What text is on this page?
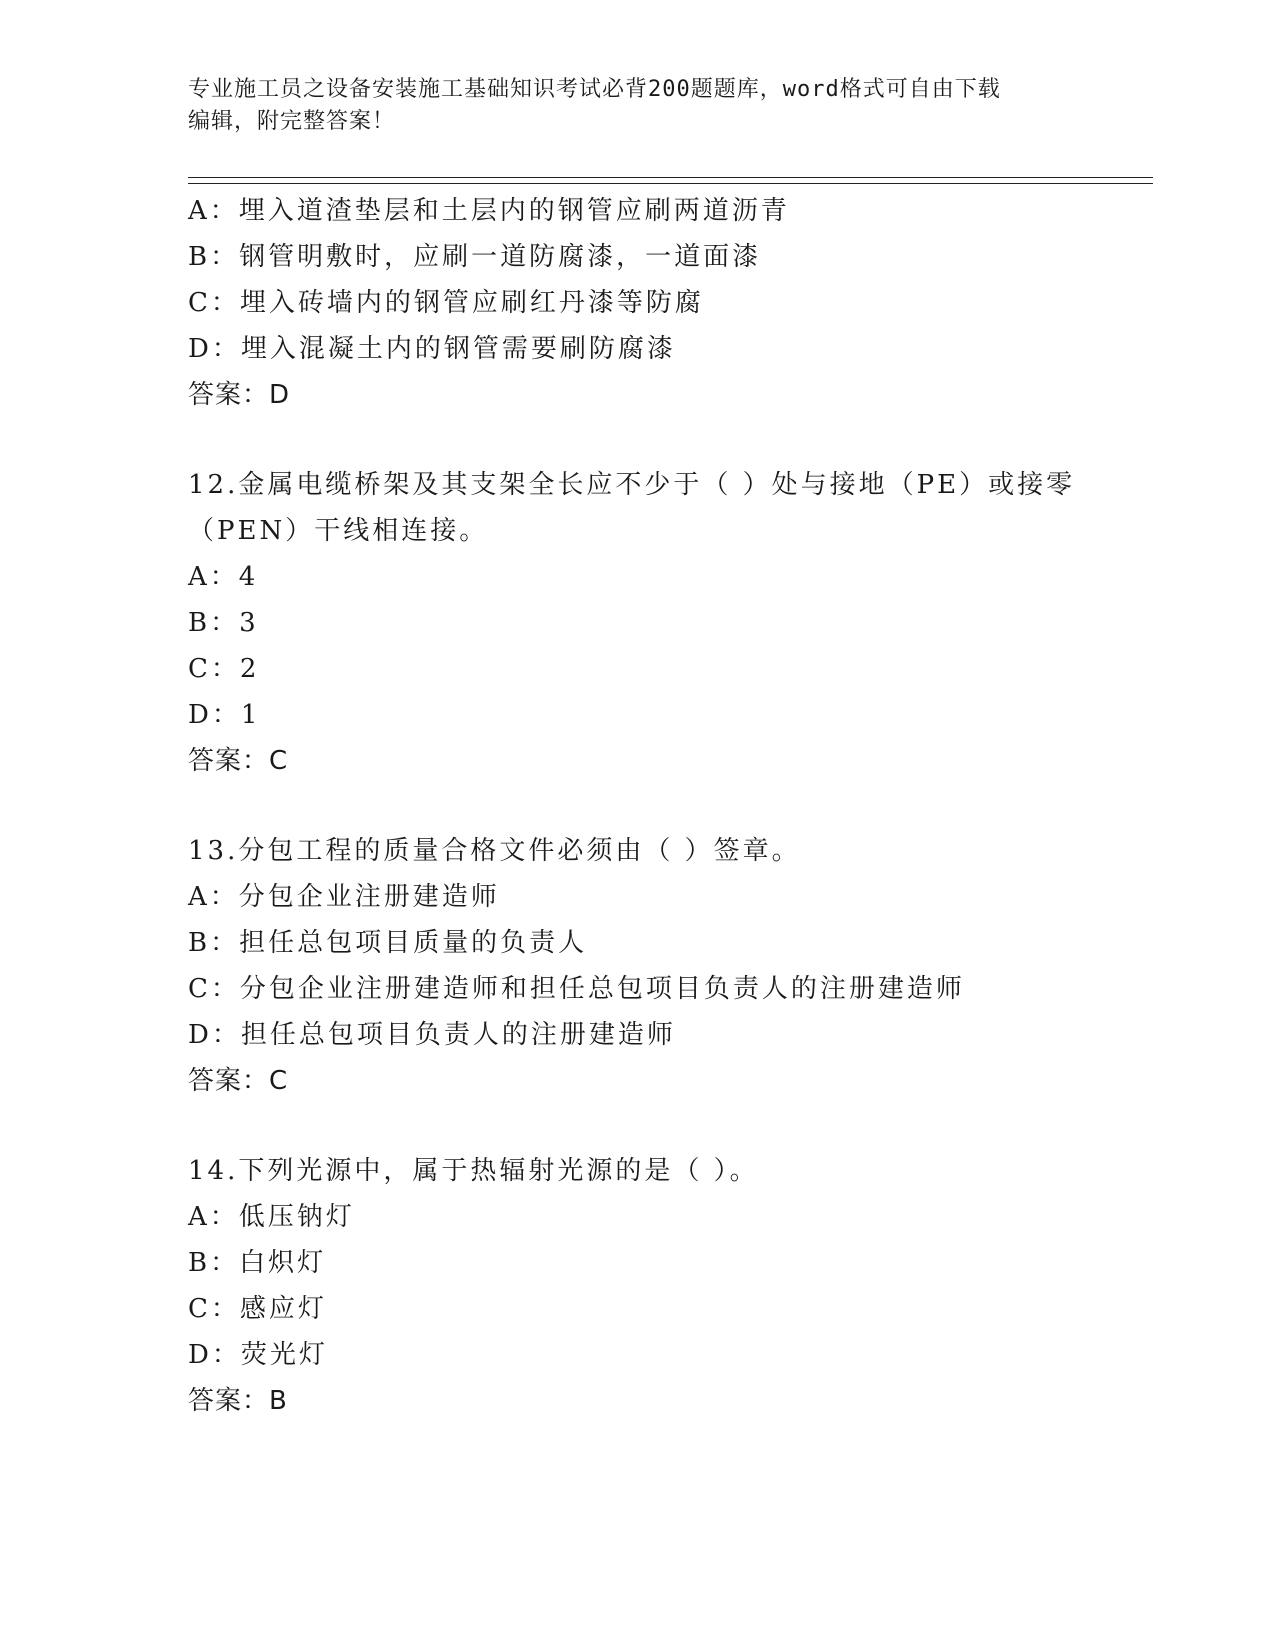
专业施工员之设备安装施工基础知识考试必背200题题库，word格式可自由下载
编辑，附完整答案！
A：埋入道渣垫层和土层内的钢管应刷两道沥青
B：钢管明敷时，应刷一道防腐漆，一道面漆
C：埋入砖墙内的钢管应刷红丹漆等防腐
D：埋入混凝土内的钢管需要刷防腐漆
答案：D
12.金属电缆桥架及其支架全长应不少于（ ）处与接地（PE）或接零
（PEN）干线相连接。
A：4
B：3
C：2
D：1
答案：C
13.分包工程的质量合格文件必须由（ ）签章。
A：分包企业注册建造师
B：担任总包项目质量的负责人
C：分包企业注册建造师和担任总包项目负责人的注册建造师
D：担任总包项目负责人的注册建造师
答案：C
14.下列光源中，属于热辐射光源的是（ ）。
A：低压钠灯
B：白炽灯
C：感应灯
D：荧光灯
答案：B
